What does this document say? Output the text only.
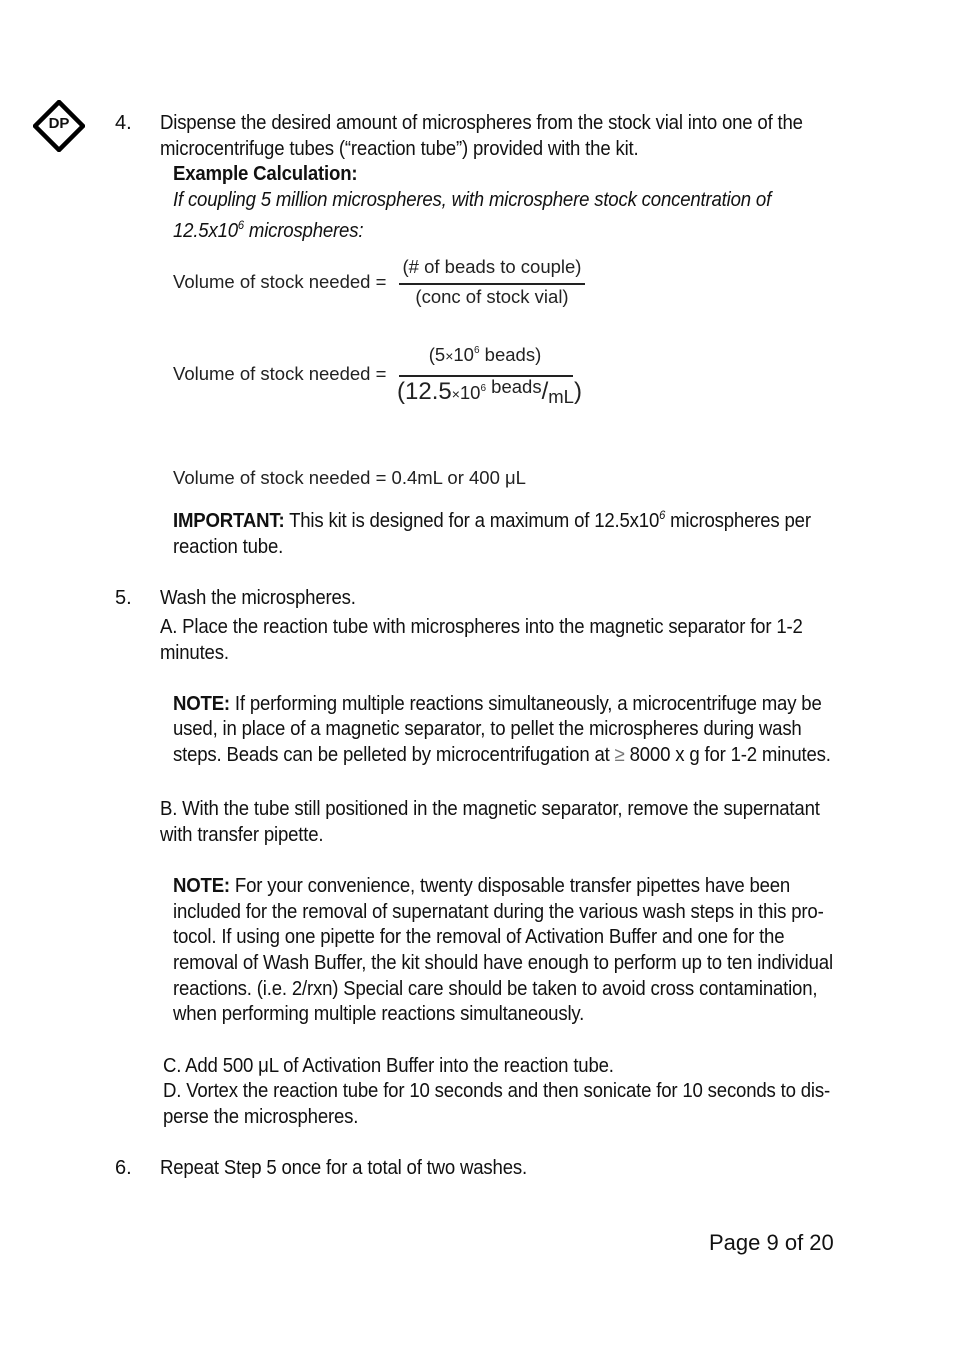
DP	4. Dispense the desired amount of microspheres from the stock vial into one of the
microcentrifuge tubes (“reaction tube”) provided with the kit.
Example Calculation:
If coupling 5 million microspheres, with microsphere stock concentration of
$12.5x10^6$ microspheres:
Volume of stock needed =
(# of beads to couple)
(conc of stock vial)
Volume of stock needed =
($5\times 10^6$ beads)
($12.5\times 10^6$ beads/mL)
Volume of stock needed = 0.4mL or 400 μL
IMPORTANT: This kit is designed for a maximum of $12.5x10^6$ microspheres per
reaction tube.
5. Wash the microspheres.
A. Place the reaction tube with microspheres into the magnetic separator for 1-2
minutes.
NOTE: If performing multiple reactions simultaneously, a microcentrifuge may be
used, in place of a magnetic separator, to pellet the microspheres during wash
steps. Beads can be pelleted by microcentrifugation at ≥ 8000 x g for 1-2 minutes.
B. With the tube still positioned in the magnetic separator, remove the supernatant
with transfer pipette.
NOTE: For your convenience, twenty disposable transfer pipettes have been
included for the removal of supernatant during the various wash steps in this pro-
tocol. If using one pipette for the removal of Activation Buffer and one for the
removal of Wash Buffer, the kit should have enough to perform up to ten individual
reactions. (i.e. 2/rxn) Special care should be taken to avoid cross contamination,
when performing multiple reactions simultaneously.
C. Add 500 μL of Activation Buffer into the reaction tube.
D. Vortex the reaction tube for 10 seconds and then sonicate for 10 seconds to dis-
perse the microspheres.
6. Repeat Step 5 once for a total of two washes.
Page 9 of 20
